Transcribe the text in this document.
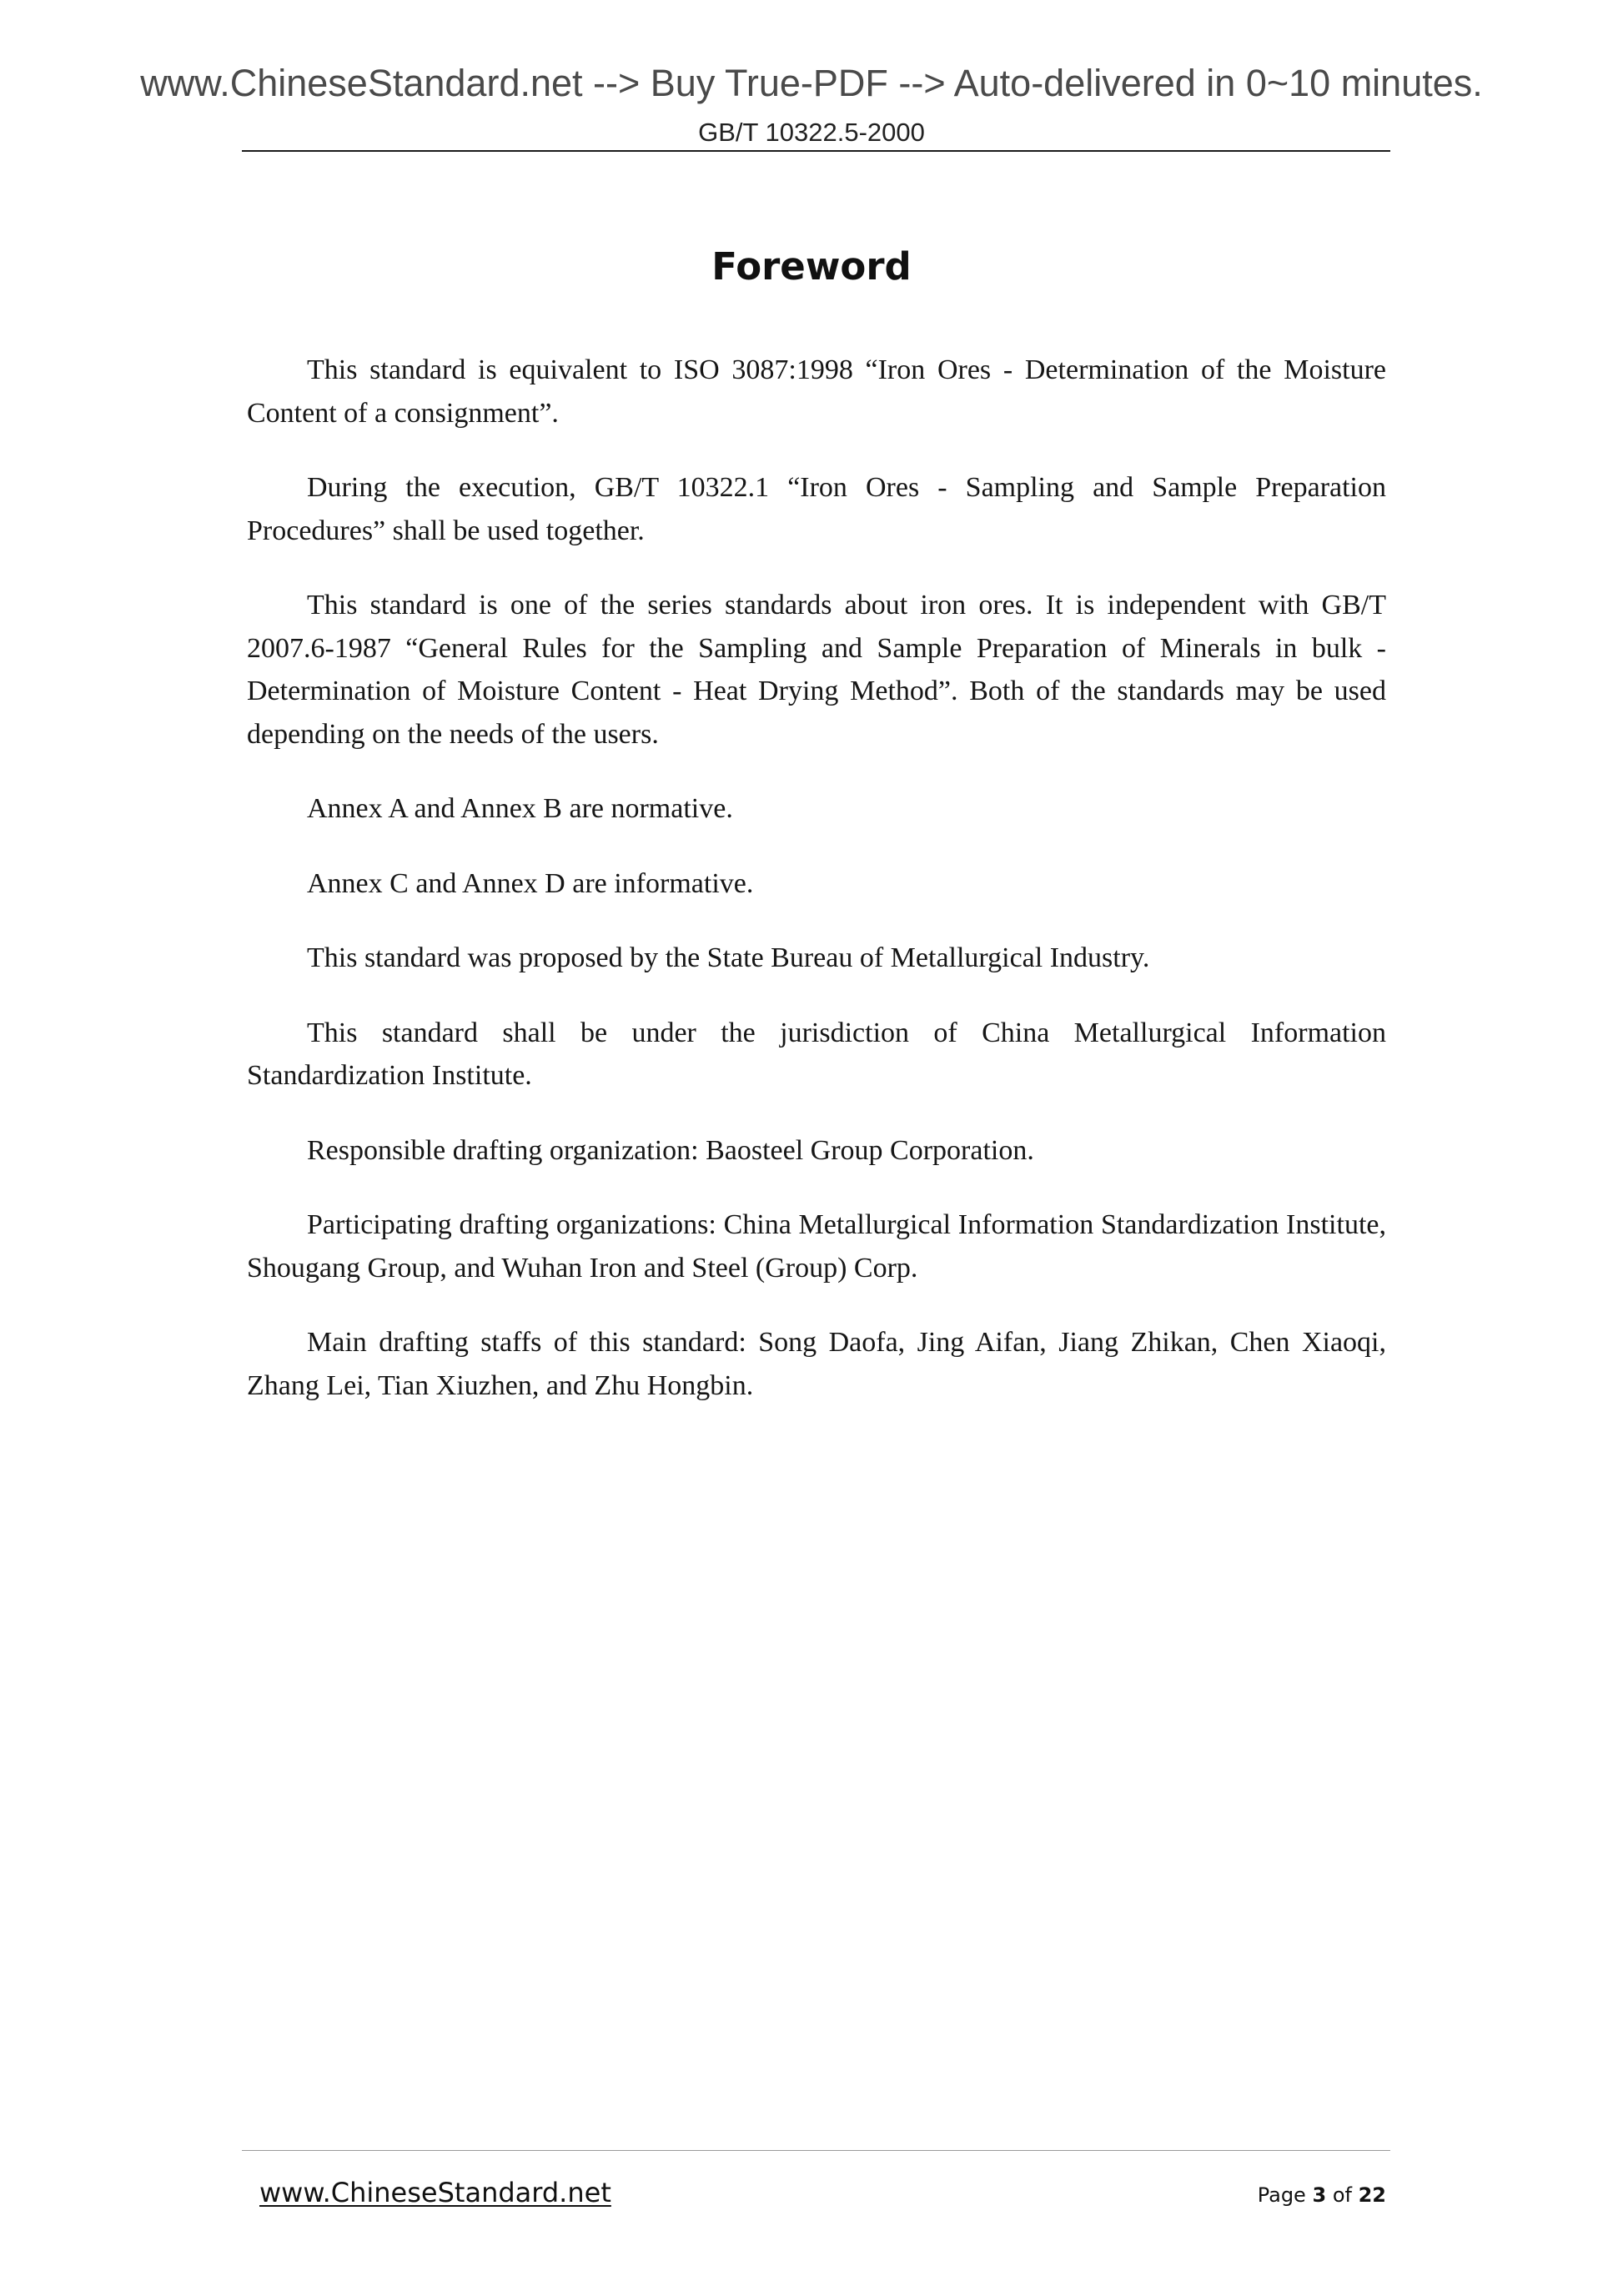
www.ChineseStandard.net --> Buy True-PDF --> Auto-delivered in 0~10 minutes.
GB/T 10322.5-2000
Foreword

This standard is equivalent to ISO 3087:1998 “Iron Ores - Determination of the Moisture Content of a consignment”.

During the execution, GB/T 10322.1 “Iron Ores - Sampling and Sample Preparation Procedures” shall be used together.

This standard is one of the series standards about iron ores. It is independent with GB/T 2007.6-1987 “General Rules for the Sampling and Sample Preparation of Minerals in bulk - Determination of Moisture Content - Heat Drying Method”. Both of the standards may be used depending on the needs of the users.

Annex A and Annex B are normative.

Annex C and Annex D are informative.

This standard was proposed by the State Bureau of Metallurgical Industry.

This standard shall be under the jurisdiction of China Metallurgical Information Standardization Institute.

Responsible drafting organization: Baosteel Group Corporation.

Participating drafting organizations: China Metallurgical Information Standardization Institute, Shougang Group, and Wuhan Iron and Steel (Group) Corp.

Main drafting staffs of this standard: Song Daofa, Jing Aifan, Jiang Zhikan, Chen Xiaoqi, Zhang Lei, Tian Xiuzhen, and Zhu Hongbin.

www.ChineseStandard.net	Page 3 of 22
